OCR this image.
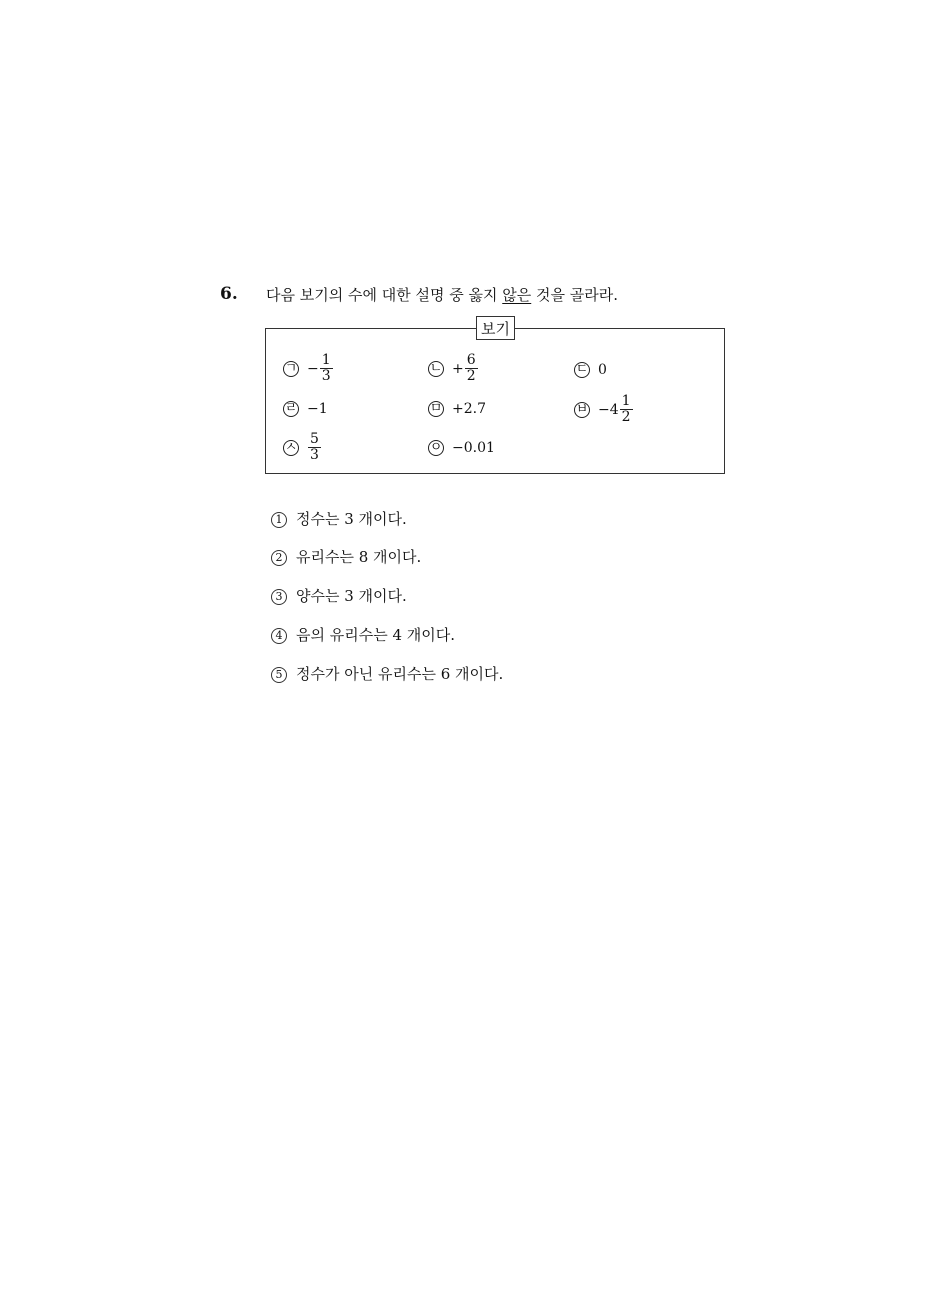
6. 다음 보기의 수에 대한 설명 중 옳지 않은 것을 골라라.
보기
ㄱ − $\frac{1}{3}$	ㄴ + $\frac{6}{2}$	ㄷ 0
ㄹ −1	ㅁ +2.7	ㅂ − $4 \frac{1}{2}$
ㅅ $\frac{5}{3}$	ㅇ −0.01
1 정수는 3 개이다.
2 유리수는 8 개이다.
3 양수는 3 개이다.
4 음의 유리수는 4 개이다.
5 정수가 아닌 유리수는 6 개이다.
